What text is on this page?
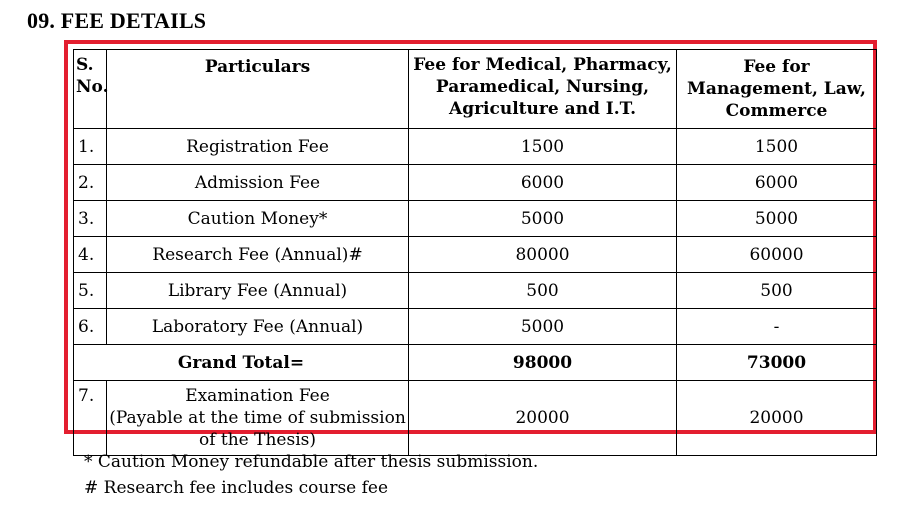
09. FEE DETAILS
S. No.	Particulars	Fee for Medical, Pharmacy, Paramedical, Nursing, Agriculture and I.T.	Fee for Management, Law, Commerce
1.	Registration Fee	1500	1500
2.	Admission Fee	6000	6000
3.	Caution Money*	5000	5000
4.	Research Fee (Annual)#	80000	60000
5.	Library Fee (Annual)	500	500
6.	Laboratory Fee (Annual)	5000	-
Grand Total=		98000	73000
7.	Examination Fee
(Payable at the time of submission
of the Thesis)	20000	20000
* Caution Money refundable after thesis submission.
# Research fee includes course fee
